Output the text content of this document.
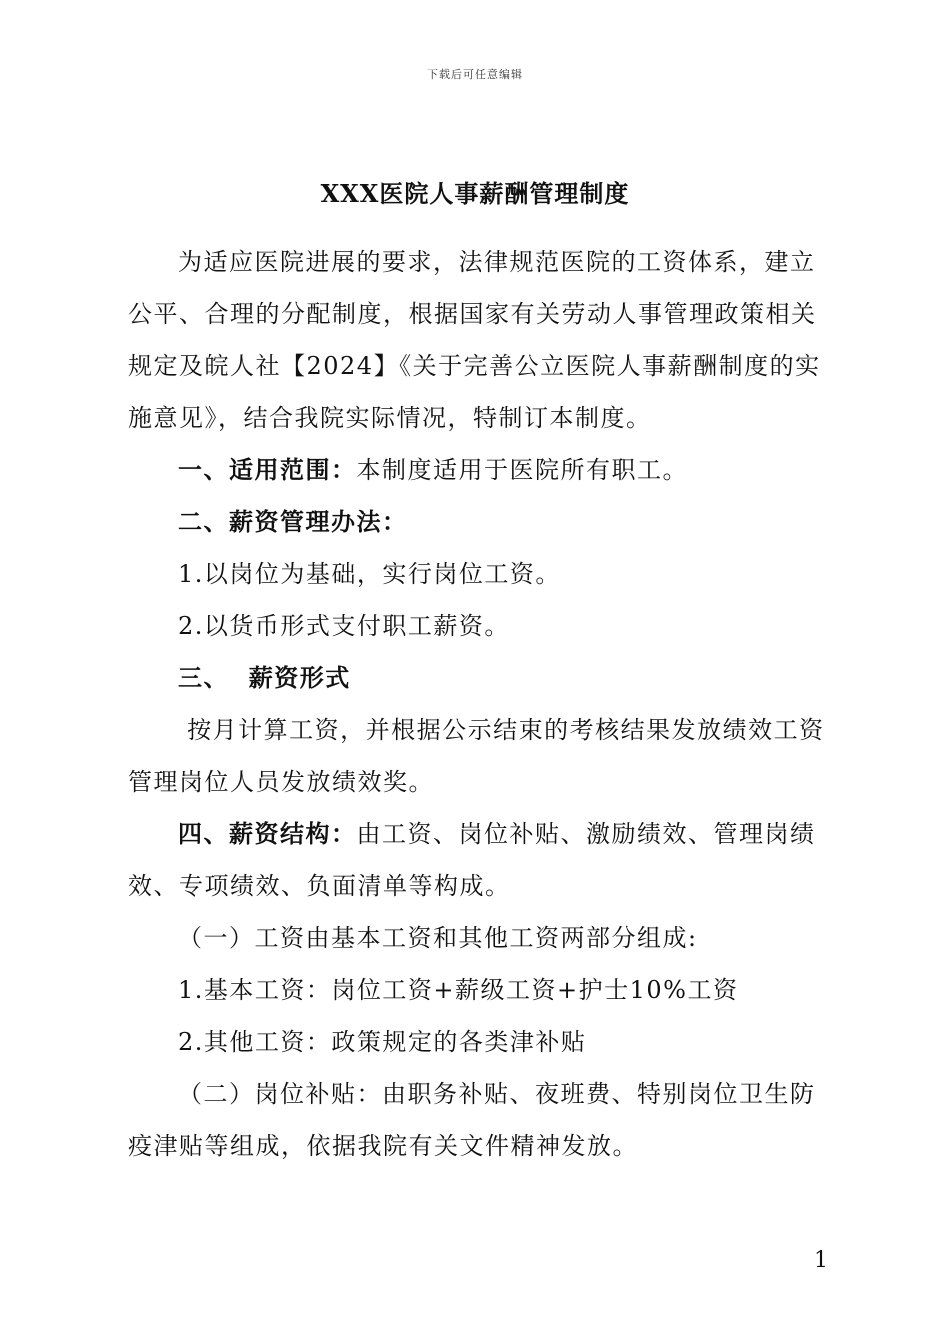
下载后可任意编辑
XXX医院人事薪酬管理制度

为适应医院进展的要求，法律规范医院的工资体系，建立

公平、合理的分配制度，根据国家有关劳动人事管理政策相关

规定及皖人社【2024】《关于完善公立医院人事薪酬制度的实

施意见》，结合我院实际情况，特制订本制度。

一、适用范围：本制度适用于医院所有职工。

二、薪资管理办法：

1.以岗位为基础，实行岗位工资。

2.以货币形式支付职工薪资。

三、  薪资形式

按月计算工资，并根据公示结束的考核结果发放绩效工资

管理岗位人员发放绩效奖。

四、薪资结构：由工资、岗位补贴、激励绩效、管理岗绩

效、专项绩效、负面清单等构成。

（一）工资由基本工资和其他工资两部分组成:

1.基本工资：岗位工资+薪级工资+护士10%工资

2.其他工资：政策规定的各类津补贴

（二）岗位补贴：由职务补贴、夜班费、特别岗位卫生防

疫津贴等组成，依据我院有关文件精神发放。

1
